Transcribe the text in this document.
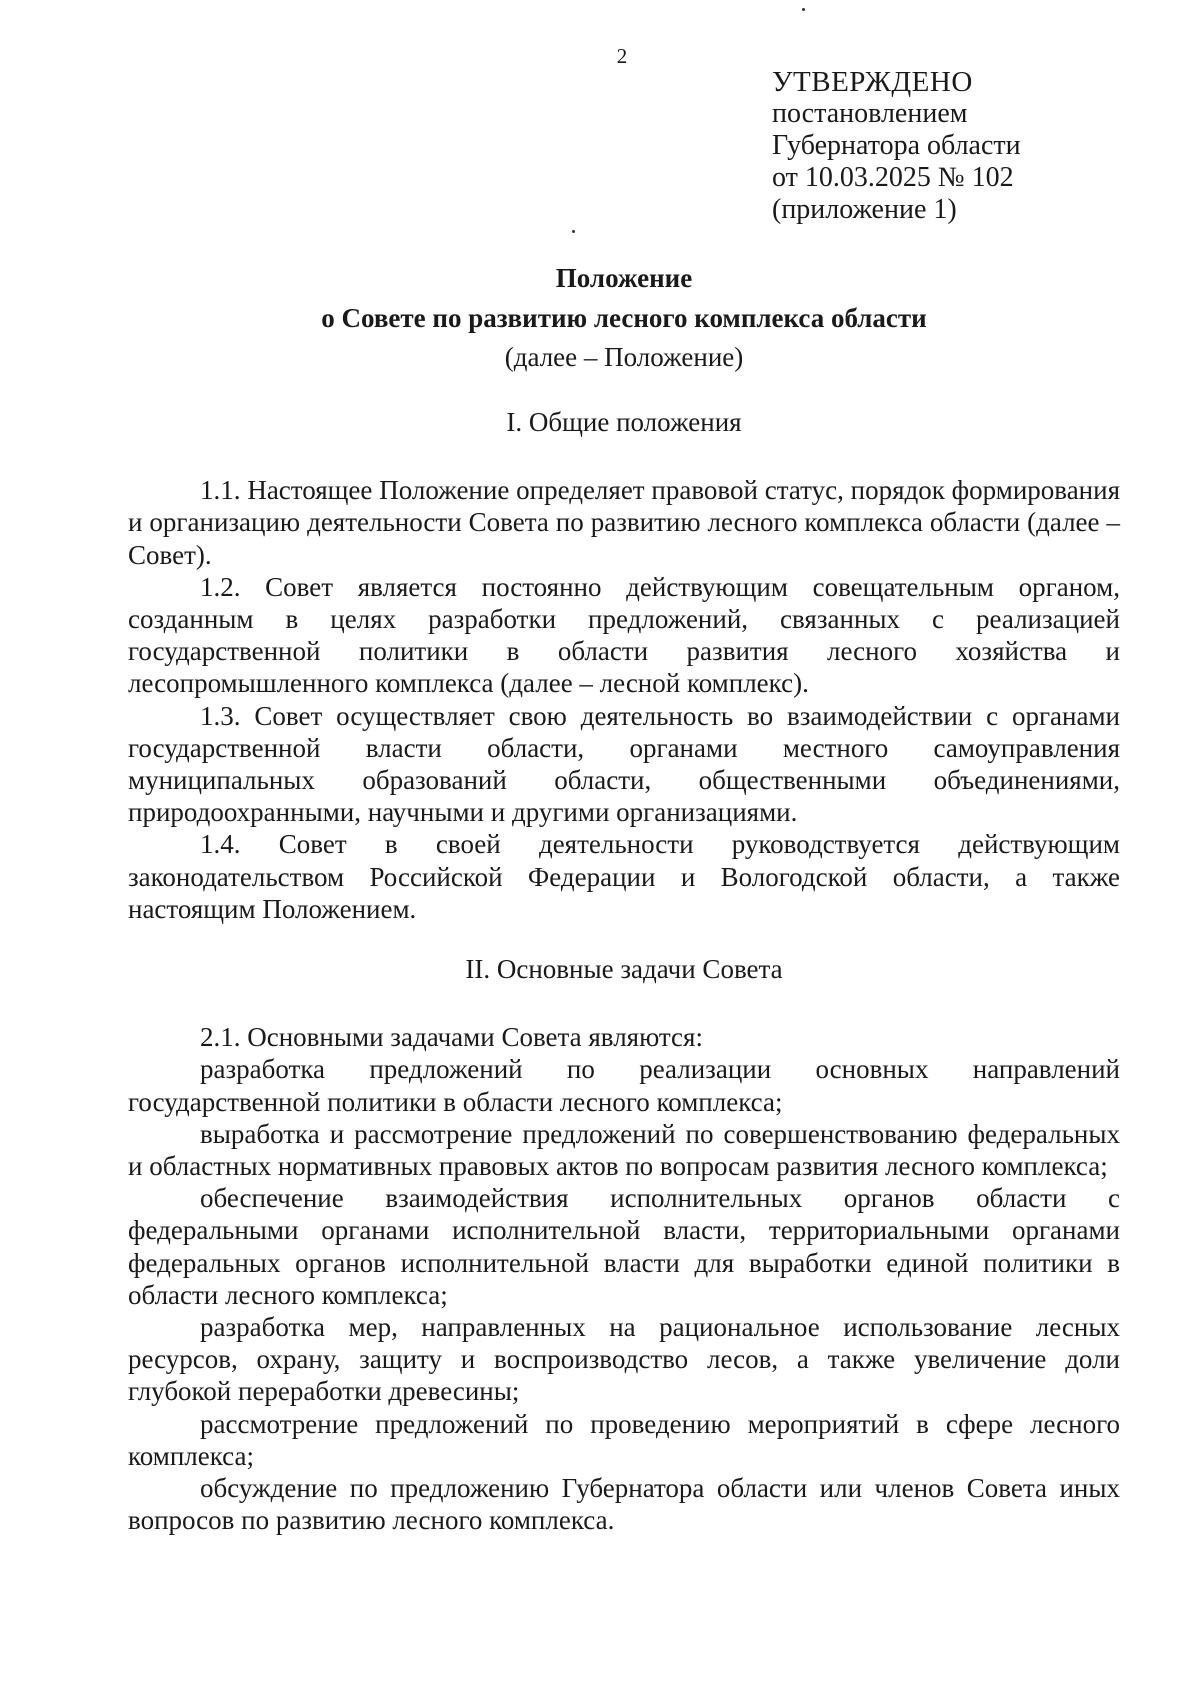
2
УТВЕРЖДЕНО
постановлением
Губернатора области
от 10.03.2025 № 102
(приложение 1)
Положение
о Совете по развитию лесного комплекса области
(далее – Положение)
I. Общие положения

1.1. Настоящее Положение определяет правовой статус, порядок формирования и организацию деятельности Совета по развитию лесного комплекса области (далее – Совет).

1.2. Совет является постоянно действующим совещательным органом, созданным в целях разработки предложений, связанных с реализацией государственной политики в области развития лесного хозяйства и лесопромышленного комплекса (далее – лесной комплекс).

1.3. Совет осуществляет свою деятельность во взаимодействии с органами государственной власти области, органами местного самоуправления муниципальных образований области, общественными объединениями, природоохранными, научными и другими организациями.

1.4. Совет в своей деятельности руководствуется действующим законодательством Российской Федерации и Вологодской области, а также настоящим Положением.

II. Основные задачи Совета

2.1. Основными задачами Совета являются:

разработка предложений по реализации основных направлений государственной политики в области лесного комплекса;

выработка и рассмотрение предложений по совершенствованию федеральных и областных нормативных правовых актов по вопросам развития лесного комплекса;

обеспечение взаимодействия исполнительных органов области с федеральными органами исполнительной власти, территориальными органами федеральных органов исполнительной власти для выработки единой политики в области лесного комплекса;

разработка мер, направленных на рациональное использование лесных ресурсов, охрану, защиту и воспроизводство лесов, а также увеличение доли глубокой переработки древесины;

рассмотрение предложений по проведению мероприятий в сфере лесного комплекса;

обсуждение по предложению Губернатора области или членов Совета иных вопросов по развитию лесного комплекса.
